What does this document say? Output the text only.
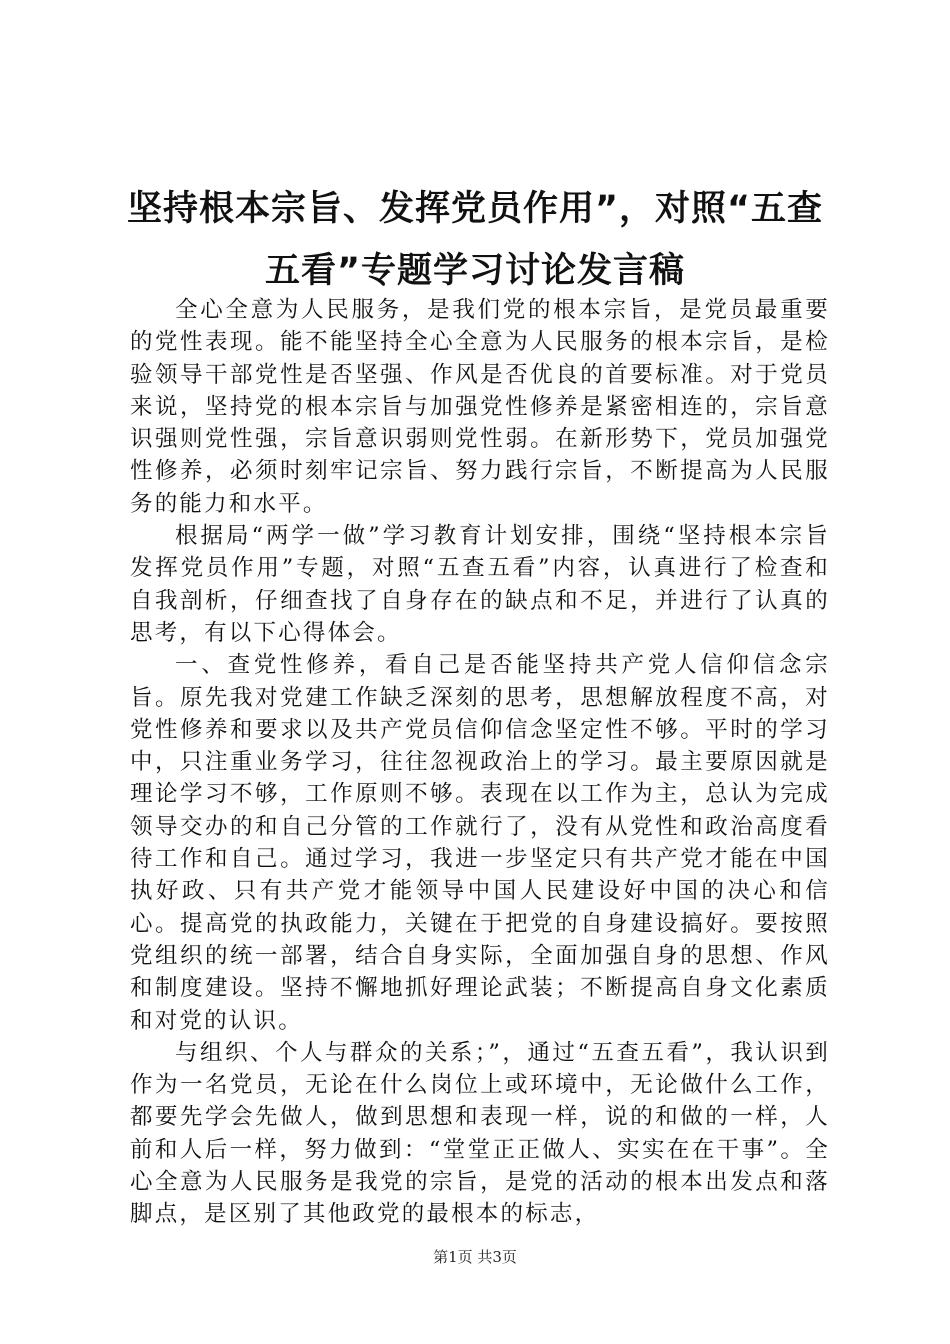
坚持根本宗旨、发挥党员作用”，对照“五查
五看”专题学习讨论发言稿

全心全意为人民服务，是我们党的根本宗旨，是党员最重要的党性表现。能不能坚持全心全意为人民服务的根本宗旨，是检验领导干部党性是否坚强、作风是否优良的首要标准。对于党员来说，坚持党的根本宗旨与加强党性修养是紧密相连的，宗旨意识强则党性强，宗旨意识弱则党性弱。在新形势下，党员加强党性修养，必须时刻牢记宗旨、努力践行宗旨，不断提高为人民服务的能力和水平。

根据局“两学一做”学习教育计划安排，围绕“坚持根本宗旨发挥党员作用”专题，对照“五查五看”内容，认真进行了检查和自我剖析，仔细查找了自身存在的缺点和不足，并进行了认真的思考，有以下心得体会。

一、查党性修养，看自己是否能坚持共产党人信仰信念宗旨。原先我对党建工作缺乏深刻的思考，思想解放程度不高，对党性修养和要求以及共产党员信仰信念坚定性不够。平时的学习中，只注重业务学习，往往忽视政治上的学习。最主要原因就是理论学习不够，工作原则不够。表现在以工作为主，总认为完成领导交办的和自己分管的工作就行了，没有从党性和政治高度看待工作和自己。通过学习，我进一步坚定只有共产党才能在中国执好政、只有共产党才能领导中国人民建设好中国的决心和信心。提高党的执政能力，关键在于把党的自身建设搞好。要按照党组织的统一部署，结合自身实际，全面加强自身的思想、作风和制度建设。坚持不懈地抓好理论武装；不断提高自身文化素质和对党的认识。

与组织、个人与群众的关系；”，通过“五查五看”，我认识到作为一名党员，无论在什么岗位上或环境中，无论做什么工作，都要先学会先做人，做到思想和表现一样，说的和做的一样，人前和人后一样，努力做到：“堂堂正正做人、实实在在干事”。全心全意为人民服务是我党的宗旨，是党的活动的根本出发点和落脚点，是区别了其他政党的最根本的标志，

第1页 共3页
